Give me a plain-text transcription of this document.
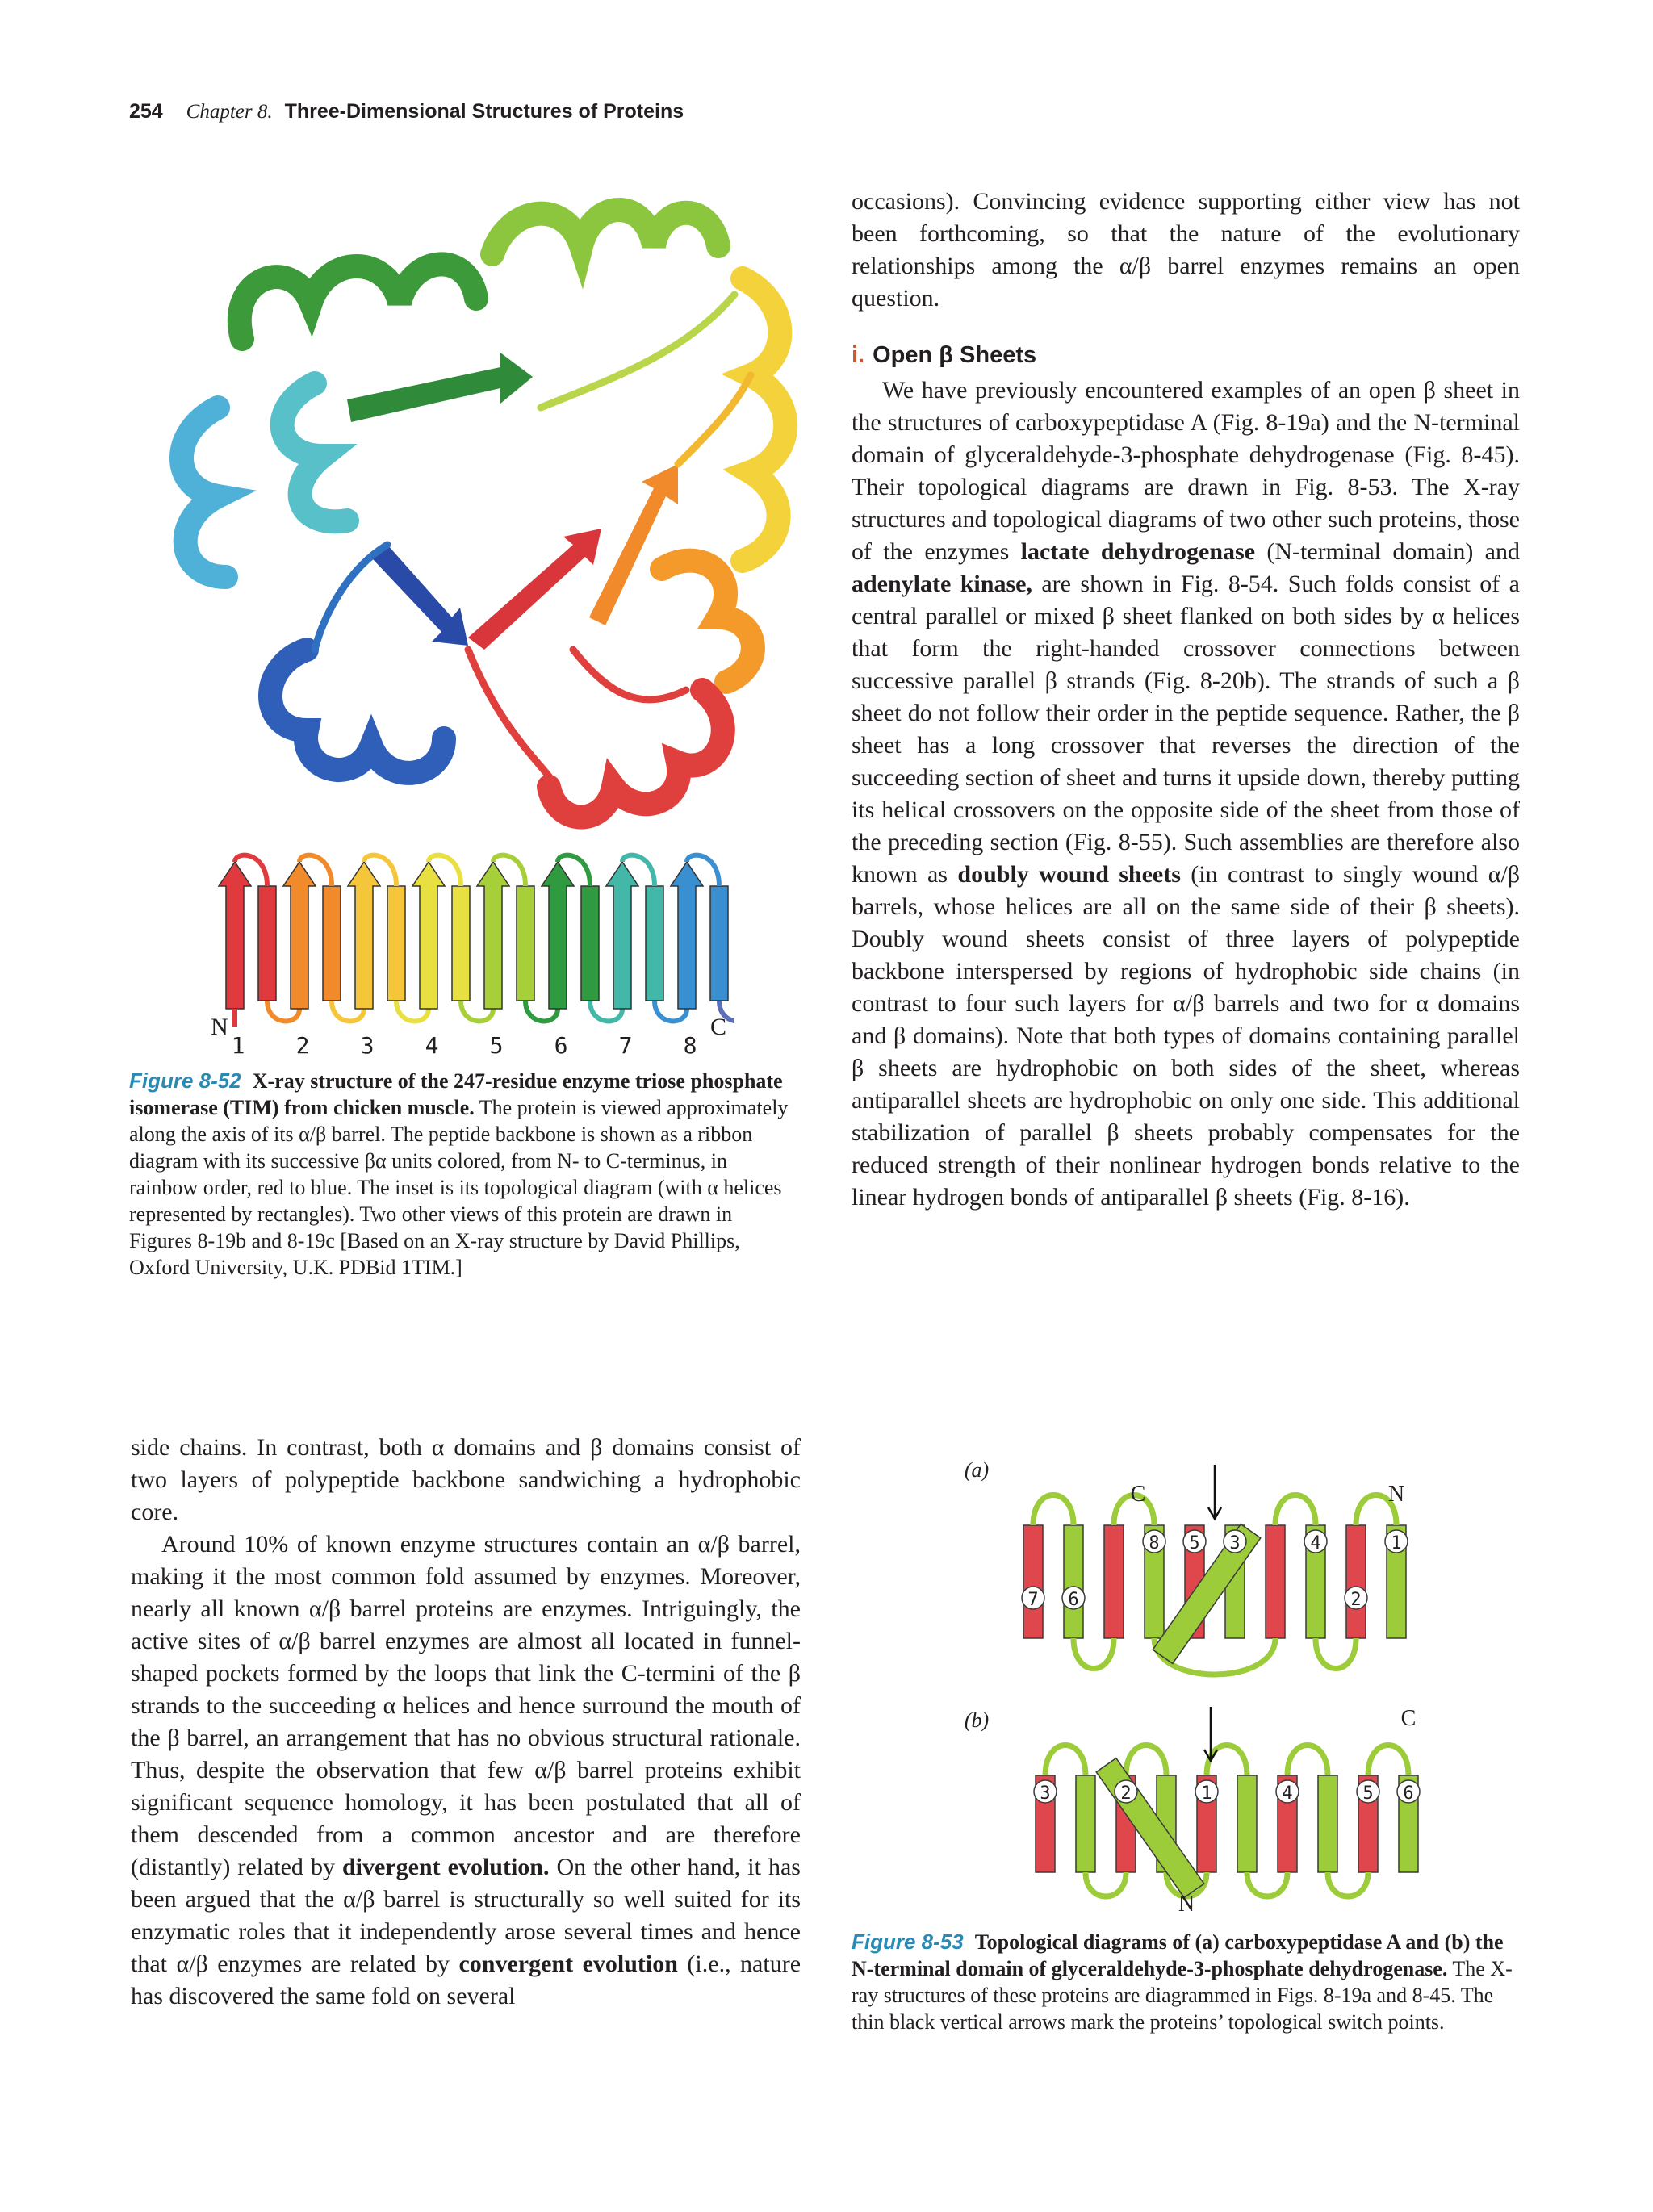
254 Chapter 8. Three-Dimensional Structures of Proteins
N	C
1 2 3 4 5 6 7 8
Figure 8-52 X-ray structure of the 247-residue enzyme triose phosphate isomerase (TIM) from chicken muscle. The protein is viewed approximately along the axis of its α/β barrel. The peptide backbone is shown as a ribbon diagram with its successive βα units colored, from N- to C-terminus, in rainbow order, red to blue. The inset is its topological diagram (with α helices represented by rectangles). Two other views of this protein are drawn in Figures 8-19b and 8-19c [Based on an X-ray structure by David Phillips, Oxford University, U.K. PDBid 1TIM.]

occasions). Convincing evidence supporting either view has not been forthcoming, so that the nature of the evolutionary relationships among the α/β barrel enzymes remains an open question.

i. Open β Sheets

We have previously encountered examples of an open β sheet in the structures of carboxypeptidase A (Fig. 8-19a) and the N-terminal domain of glyceraldehyde-3-phosphate dehydrogenase (Fig. 8-45). Their topological diagrams are drawn in Fig. 8-53. The X-ray structures and topological diagrams of two other such proteins, those of the enzymes lactate dehydrogenase (N-terminal domain) and adenylate kinase, are shown in Fig. 8-54. Such folds consist of a central parallel or mixed β sheet flanked on both sides by α helices that form the right-handed crossover connections between successive parallel β strands (Fig. 8-20b). The strands of such a β sheet do not follow their order in the peptide sequence. Rather, the β sheet has a long crossover that reverses the direction of the succeeding section of sheet and turns it upside down, thereby putting its helical crossovers on the opposite side of the sheet from those of the preceding section (Fig. 8-55). Such assemblies are therefore also known as doubly wound sheets (in contrast to singly wound α/β barrels, whose helices are all on the same side of their β sheets). Doubly wound sheets consist of three layers of polypeptide backbone interspersed by regions of hydrophobic side chains (in contrast to four such layers for α/β barrels and two for α domains and β domains). Note that both types of domains containing parallel β sheets are hydrophobic on both sides of the sheet, whereas antiparallel sheets are hydrophobic on only one side. This additional stabilization of parallel β sheets probably compensates for the reduced strength of their nonlinear hydrogen bonds relative to the linear hydrogen bonds of antiparallel β sheets (Fig. 8-16).

side chains. In contrast, both α domains and β domains consist of two layers of polypeptide backbone sandwiching a hydrophobic core.

Around 10% of known enzyme structures contain an α/β barrel, making it the most common fold assumed by enzymes. Moreover, nearly all known α/β barrel proteins are enzymes. Intriguingly, the active sites of α/β barrel enzymes are almost all located in funnel-shaped pockets formed by the loops that link the C-termini of the β strands to the succeeding α helices and hence surround the mouth of the β barrel, an arrangement that has no obvious structural rationale. Thus, despite the observation that few α/β barrel proteins exhibit significant sequence homology, it has been postulated that all of them descended from a common ancestor and are therefore (distantly) related by divergent evolution. On the other hand, it has been argued that the α/β barrel is structurally so well suited for its enzymatic roles that it independently arose several times and hence that α/β enzymes are related by convergent evolution (i.e., nature has discovered the same fold on several

(a)
C	N
8 5 3	4	1
7 6	2
(b)	C
N
3	2	1	4	5 6
Figure 8-53 Topological diagrams of (a) carboxypeptidase A and (b) the N-terminal domain of glyceraldehyde-3-phosphate dehydrogenase. The X-ray structures of these proteins are diagrammed in Figs. 8-19a and 8-45. The thin black vertical arrows mark the proteins’ topological switch points.
